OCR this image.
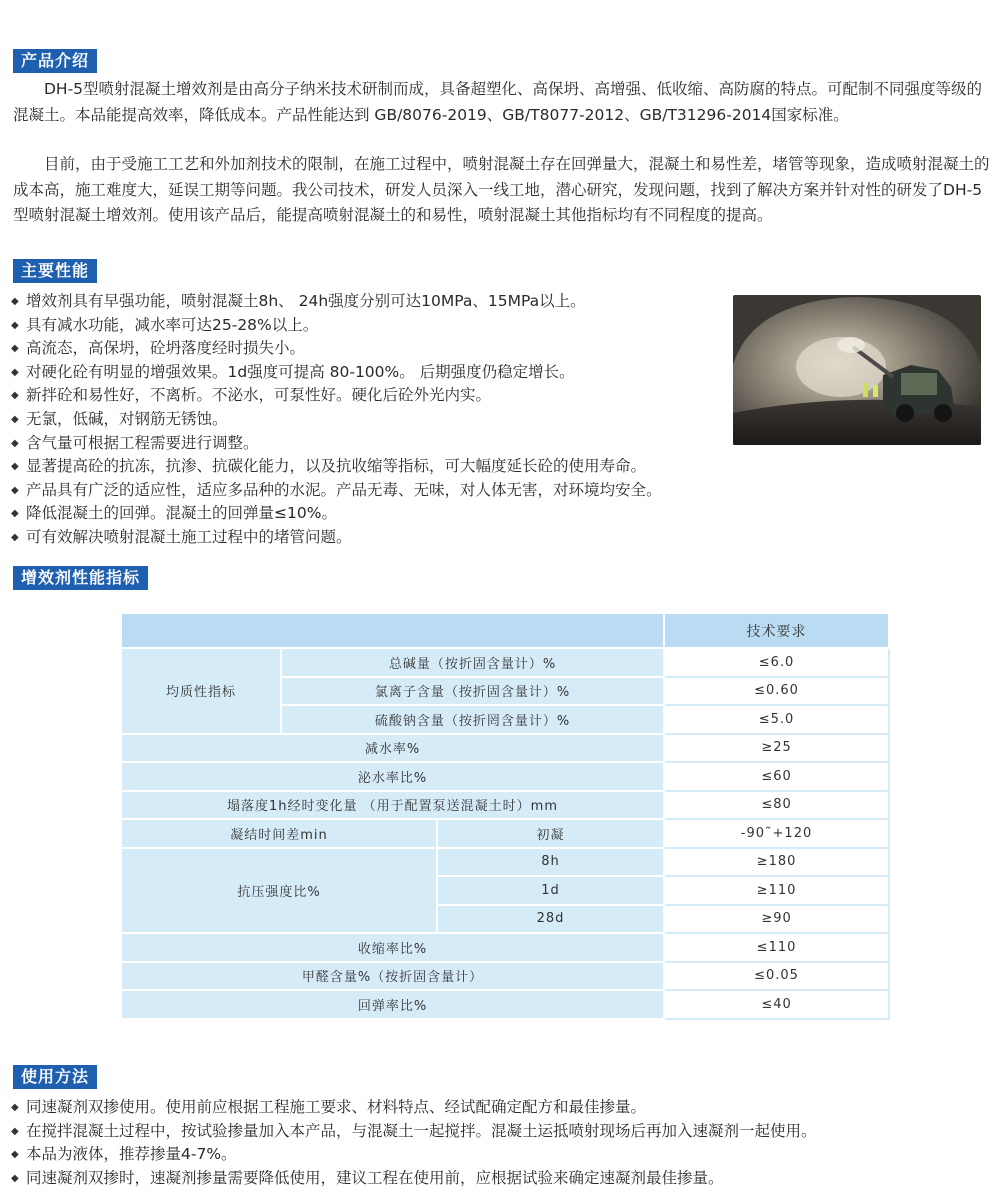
产品介绍

DH-5型喷射混凝土增效剂是由高分子纳米技术研制而成，具备超塑化、高保坍、高增强、低收缩、高防腐的特点。可配制不同强度等级的混凝土。本品能提高效率，降低成本。产品性能达到 GB/8076-2019、GB/T8077-2012、GB/T31296-2014国家标准。

目前，由于受施工工艺和外加剂技术的限制，在施工过程中，喷射混凝土存在回弹量大，混凝土和易性差，堵管等现象，造成喷射混凝土的成本高，施工难度大，延误工期等问题。我公司技术，研发人员深入一线工地，潜心研究，发现问题，找到了解决方案并针对性的研发了DH-5型喷射混凝土增效剂。使用该产品后，能提高喷射混凝土的和易性，喷射混凝土其他指标均有不同程度的提高。

主要性能
◆ 增效剂具有早强功能，喷射混凝土8h、 24h强度分别可达10MPa、15MPa以上。
◆ 具有减水功能，减水率可达25-28%以上。
◆ 高流态，高保坍，砼坍落度经时损失小。
◆ 对硬化砼有明显的增强效果。1d强度可提高 80-100%。 后期强度仍稳定增长。
◆ 新拌砼和易性好，不离析。不泌水，可泵性好。硬化后砼外光内实。
◆ 无氯，低碱，对钢筋无锈蚀。
◆ 含气量可根据工程需要进行调整。
◆ 显著提高砼的抗冻，抗渗、抗碳化能力，以及抗收缩等指标，可大幅度延长砼的使用寿命。
◆ 产品具有广泛的适应性，适应多品种的水泥。产品无毒、无味，对人体无害，对环境均安全。
◆ 降低混凝土的回弹。混凝土的回弹量≤10%。
◆ 可有效解决喷射混凝土施工过程中的堵管问题。
增效剂性能指标
			技术要求
均质性指标	总碱量（按折固含量计）%		≤6.0
	氯离子含量（按折固含量计）%		≤0.60
	硫酸钠含量（按折罔含量计）%		≤5.0
减水率%			≥25
泌水率比%			≤60
塌落度1h经时变化量 （用于配置泵送混凝土时）mm			≤80
凝结时间差min		初凝	-90˜+120
抗压强度比%		8h	≥180
		1d	≥110
		28d	≥90
收缩率比%			≤110
甲醛含量%（按折固含量计）			≤0.05
回弹率比%			≤40
使用方法
◆ 同速凝剂双掺使用。使用前应根据工程施工要求、材料特点、经试配确定配方和最佳掺量。
◆ 在搅拌混凝土过程中，按试验掺量加入本产品，与混凝土一起搅拌。混凝土运抵喷射现场后再加入速凝剂一起使用。
◆ 本品为液体，推荐掺量4-7%。
◆ 同速凝剂双掺时，速凝剂掺量需要降低使用，建议工程在使用前，应根据试验来确定速凝剂最佳掺量。
